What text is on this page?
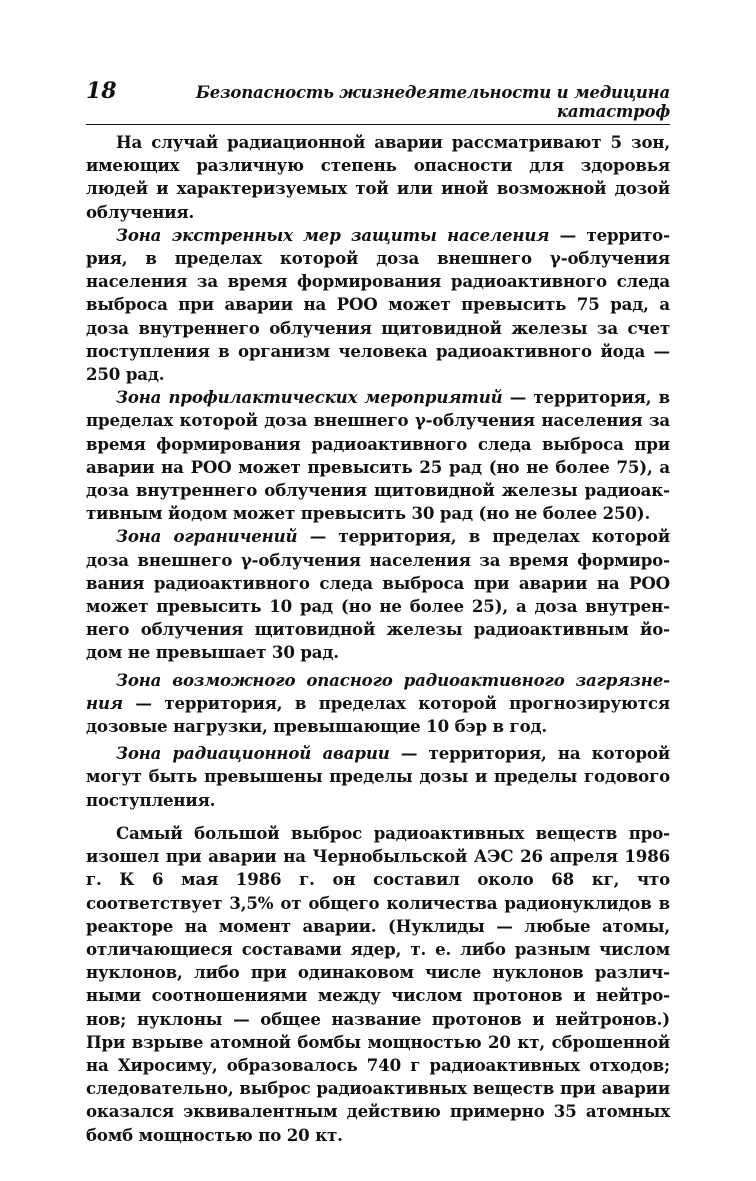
18	Безопасность жизнедеятельности и медицина катастроф

На случай радиационной аварии рассматривают 5 зон, имеющих различную степень опасности для здоровья людей и характеризуемых той или иной возможной дозой облучения.

Зона экстренных мер защиты населения — территория, в пределах которой доза внешнего γ-облучения населения за время формирования радиоактивного следа выброса при аварии на РОО может превысить 75 рад, а доза внутреннего облучения щитовидной железы за счет поступления в организм человека радиоактивного йода — 250 рад.

Зона профилактических мероприятий — территория, в пределах которой доза внешнего γ-облучения населения за время формирования радиоактивного следа выброса при аварии на РОО может превысить 25 рад (но не более 75), а доза внутреннего облучения щитовидной железы радиоактивным йодом может превысить 30 рад (но не более 250).

Зона ограничений — территория, в пределах которой доза внешнего γ-облучения населения за время формирования радиоактивного следа выброса при аварии на РОО может превысить 10 рад (но не более 25), а доза внутреннего облучения щитовидной железы радиоактивным йодом не превышает 30 рад.

Зона возможного опасного радиоактивного загрязнения — территория, в пределах которой прогнозируются дозовые нагрузки, превышающие 10 бэр в год.

Зона радиационной аварии — территория, на которой могут быть превышены пределы дозы и пределы годового поступления.

Самый большой выброс радиоактивных веществ произошел при аварии на Чернобыльской АЭС 26 апреля 1986 г. К 6 мая 1986 г. он составил около 68 кг, что соответствует 3,5% от общего количества радионуклидов в реакторе на момент аварии. (Нуклиды — любые атомы, отличающиеся составами ядер, т. е. либо разным числом нуклонов, либо при одинаковом числе нуклонов различными соотношениями между числом протонов и нейтронов; нуклоны — общее название протонов и нейтронов.) При взрыве атомной бомбы мощностью 20 кт, сброшенной на Хиросиму, образовалось 740 г радиоактивных отходов; следовательно, выброс радиоактивных веществ при аварии оказался эквивалентным действию примерно 35 атомных бомб мощностью по 20 кт.
